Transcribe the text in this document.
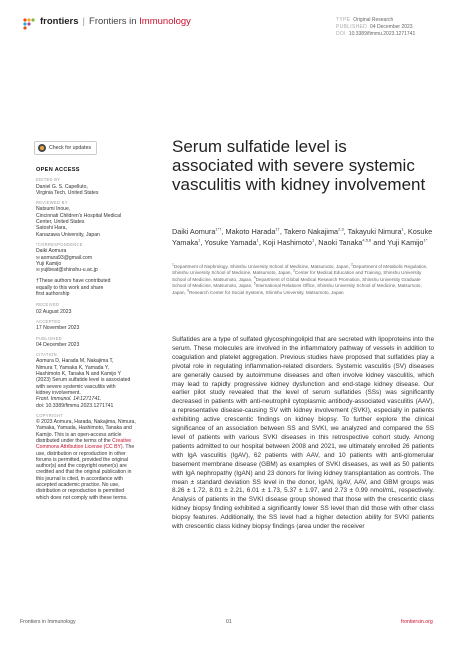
frontiers | Frontiers in Immunology	TYPE Original Research
PUBLISHED 04 December 2023
DOI 10.3389/fimmu.2023.1271741
Check for updates
OPEN ACCESS
EDITED BY
Daniel G. S. Capelluto,
Virginia Tech, United States
REVIEWED BY
Natsumi Inoue,
Cincinnati Children's Hospital Medical
Center, United States
Satoshi Hara,
Kanazawa University, Japan
*CORRESPONDENCE
Daiki Aomura
✉ aomura93@gmail.com
Yuji Kamijo
✉ yujibeat@shinshu-u.ac.jp
†These authors have contributed
equally to this work and share
first authorship
RECEIVED
02 August 2023
ACCEPTED
17 November 2023
PUBLISHED
04 December 2023
CITATION
Aomura D, Harada M, Nakajima T,
Nimura T, Yamaka K, Yamada Y,
Hashimoto K, Tanaka N and Kamijo Y
(2023) Serum sulfatide level is associated
with severe systemic vasculitis with
kidney involvement.
Front. Immunol. 14:1271741.
doi: 10.3389/fimmu.2023.1271741
COPYRIGHT
© 2023 Aomura, Harada, Nakajima, Nimura,
Yamaka, Yamada, Hashimoto, Tanaka and
Kamijo. This is an open-access article
distributed under the terms of the Creative
Commons Attribution License (CC BY). The
use, distribution or reproduction in other
forums is permitted, provided the original
author(s) and the copyright owner(s) are
credited and that the original publication in
this journal is cited, in accordance with
accepted academic practice. No use,
distribution or reproduction is permitted
which does not comply with these terms.
Serum sulfatide level is associated with severe systemic vasculitis with kidney involvement
Daiki Aomura$^{1*\dagger}$, Makoto Harada$^{1\dagger}$, Takero Nakajima$^{2,3}$, Takayuki Nimura$^1$, Kosuke Yamaka$^1$, Yosuke Yamada$^1$, Koji Hashimoto$^1$, Naoki Tanaka$^{4,5,6}$ and Yuji Kamijo$^{1*}$
$^1$Department of Nephrology, Shinshu University School of Medicine, Matsumoto, Japan, $^2$Department of Metabolic Regulation, Shinshu University School of Medicine, Matsumoto, Japan, $^3$Center for Medical Education and Training, Shinshu University School of Medicine, Matsumoto, Japan, $^4$Department of Global Medical Research Promotion, Shinshu University Graduate School of Medicine, Matsumoto, Japan, $^5$International Relations Office, Shinshu University School of Medicine, Matsumoto, Japan, $^6$Research Center for Social Systems, Shinshu University, Matsumoto, Japan
Sulfatides are a type of sulfated glycosphingolipid that are secreted with lipoproteins into the serum. These molecules are involved in the inflammatory pathway of vessels in addition to coagulation and platelet aggregation. Previous studies have proposed that sulfatides play a pivotal role in regulating inflammation-related disorders. Systemic vasculitis (SV) diseases are generally caused by autoimmune diseases and often involve kidney vasculitis, which may lead to rapidly progressive kidney dysfunction and end-stage kidney disease. Our earlier pilot study revealed that the level of serum sulfatides (SSs) was significantly decreased in patients with anti-neutrophil cytoplasmic antibody-associated vasculitis (AAV), a representative disease-causing SV with kidney involvement (SVKI), especially in patients exhibiting active crescentic findings on kidney biopsy. To further explore the clinical significance of an association between SS and SVKI, we analyzed and compared the SS level of patients with various SVKI diseases in this retrospective cohort study. Among patients admitted to our hospital between 2008 and 2021, we ultimately enrolled 26 patients with IgA vasculitis (IgAV), 62 patients with AAV, and 10 patients with anti-glomerular basement membrane disease (GBM) as examples of SVKI diseases, as well as 50 patients with IgA nephropathy (IgAN) and 23 donors for living kidney transplantation as controls. The mean ± standard deviation SS level in the donor, IgAN, IgAV, AAV, and GBM groups was 8.26 ± 1.72, 8.01 ± 2.21, 6.01 ± 1.73, 5.37 ± 1.97, and 2.73 ± 0.99 nmol/mL, respectively. Analysis of patients in the SVKI disease group showed that those with the crescentic class kidney biopsy finding exhibited a significantly lower SS level than did those with other class biopsy features. Additionally, the SS level had a higher detection ability for SVKI patients with crescentic class kidney biopsy findings (area under the receiver
Frontiers in Immunology	01	frontiersin.org
